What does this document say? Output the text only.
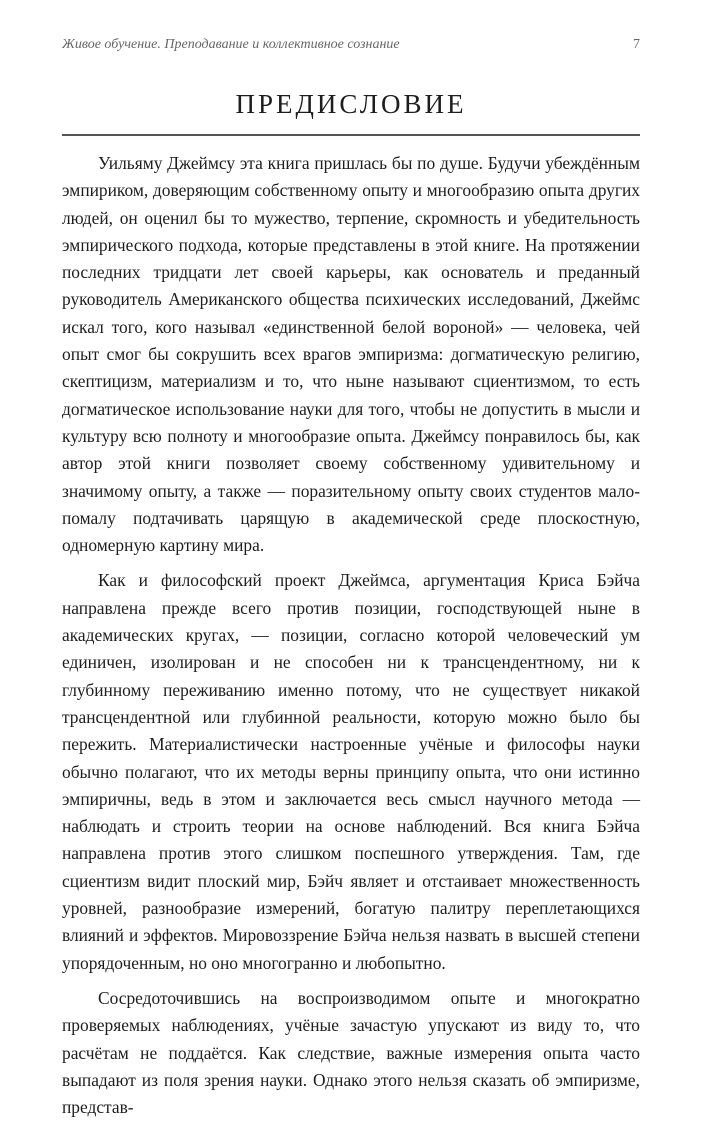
Живое обучение. Преподавание и коллективное сознание	7
ПРЕДИСЛОВИЕ

Уильяму Джеймсу эта книга пришлась бы по душе. Будучи убеждённым эмпириком, доверяющим собственному опыту и многообразию опыта других людей, он оценил бы то мужество, терпение, скромность и убедительность эмпирического подхода, которые представлены в этой книге. На протяжении последних тридцати лет своей карьеры, как основатель и преданный руководитель Американского общества психических исследований, Джеймс искал того, кого называл «единственной белой вороной» — человека, чей опыт смог бы сокрушить всех врагов эмпиризма: догматическую религию, скептицизм, материализм и то, что ныне называют сциентизмом, то есть догматическое использование науки для того, чтобы не допустить в мысли и культуру всю полноту и многообразие опыта. Джеймсу понравилось бы, как автор этой книги позволяет своему собственному удивительному и значимому опыту, а также — поразительному опыту своих студентов мало-помалу подтачивать царящую в академической среде плоскостную, одномерную картину мира.

Как и философский проект Джеймса, аргументация Криса Бэйча направлена прежде всего против позиции, господствующей ныне в академических кругах, — позиции, согласно которой человеческий ум единичен, изолирован и не способен ни к трансцендентному, ни к глубинному переживанию именно потому, что не существует никакой трансцендентной или глубинной реальности, которую можно было бы пережить. Материалистически настроенные учёные и философы науки обычно полагают, что их методы верны принципу опыта, что они истинно эмпиричны, ведь в этом и заключается весь смысл научного метода — наблюдать и строить теории на основе наблюдений. Вся книга Бэйча направлена против этого слишком поспешного утверждения. Там, где сциентизм видит плоский мир, Бэйч являет и отстаивает множественность уровней, разнообразие измерений, богатую палитру переплетающихся влияний и эффектов. Мировоззрение Бэйча нельзя назвать в высшей степени упорядоченным, но оно многогранно и любопытно.

Сосредоточившись на воспроизводимом опыте и многократно проверяемых наблюдениях, учёные зачастую упускают из виду то, что расчётам не поддаётся. Как следствие, важные измерения опыта часто выпадают из поля зрения науки. Однако этого нельзя сказать об эмпиризме, представ-
